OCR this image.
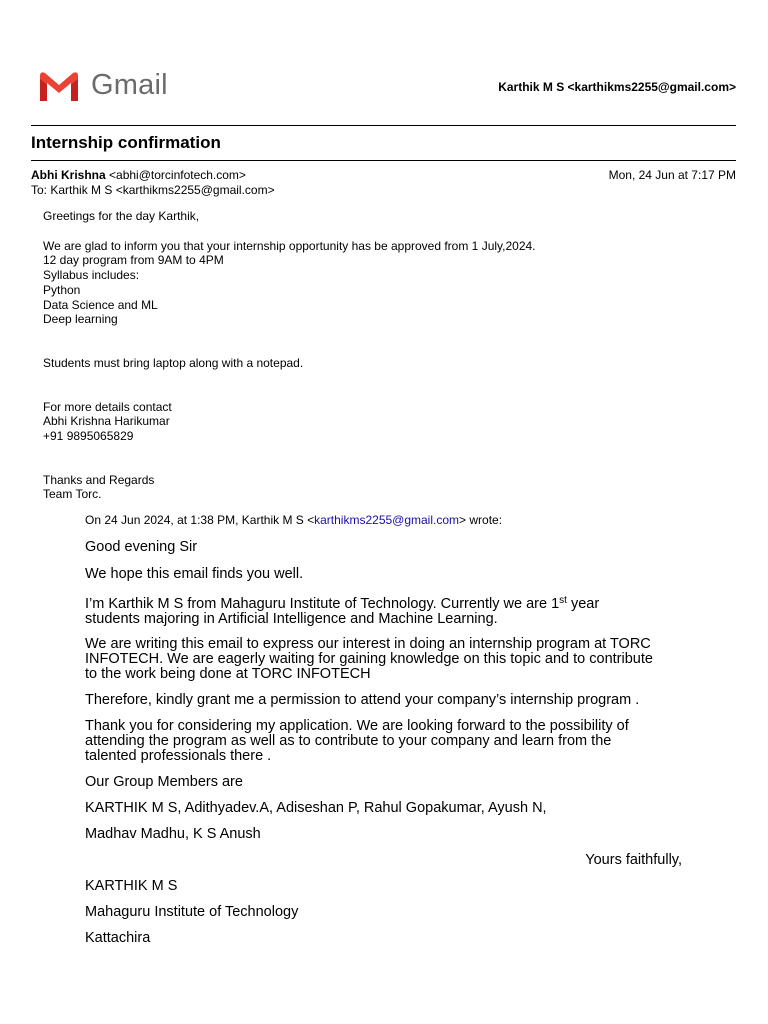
Gmail	Karthik M S <karthikms2255@gmail.com>
Internship confirmation
Abhi Krishna <abhi@torcinfotech.com>	Mon, 24 Jun at 7:17 PM
To: Karthik M S <karthikms2255@gmail.com>

Greetings for the day Karthik,

We are glad to inform you that your internship opportunity has be approved from 1 July,2024.

12 day program from 9AM to 4PM

Syllabus includes:

Python

Data Science and ML

Deep learning

Students must bring laptop along with a notepad.

For more details contact

Abhi Krishna Harikumar

+91 9895065829

Thanks and Regards

Team Torc.

On 24 Jun 2024, at 1:38 PM, Karthik M S <karthikms2255@gmail.com> wrote:

Good evening Sir

We hope this email finds you well.

I’m Karthik M S from Mahaguru Institute of Technology. Currently we are 1st year

students majoring in Artificial Intelligence and Machine Learning.

We are writing this email to express our interest in doing an internship program at TORC

INFOTECH. We are eagerly waiting for gaining knowledge on this topic and to contribute

to the work being done at TORC INFOTECH

Therefore, kindly grant me a permission to attend your company’s internship program .

Thank you for considering my application. We are looking forward to the possibility of

attending the program as well as to contribute to your company and learn from the

talented professionals there .

Our Group Members are

KARTHIK M S, Adithyadev.A, Adiseshan P, Rahul Gopakumar, Ayush N,

Madhav Madhu, K S Anush

Yours faithfully,

KARTHIK M S

Mahaguru Institute of Technology

Kattachira
